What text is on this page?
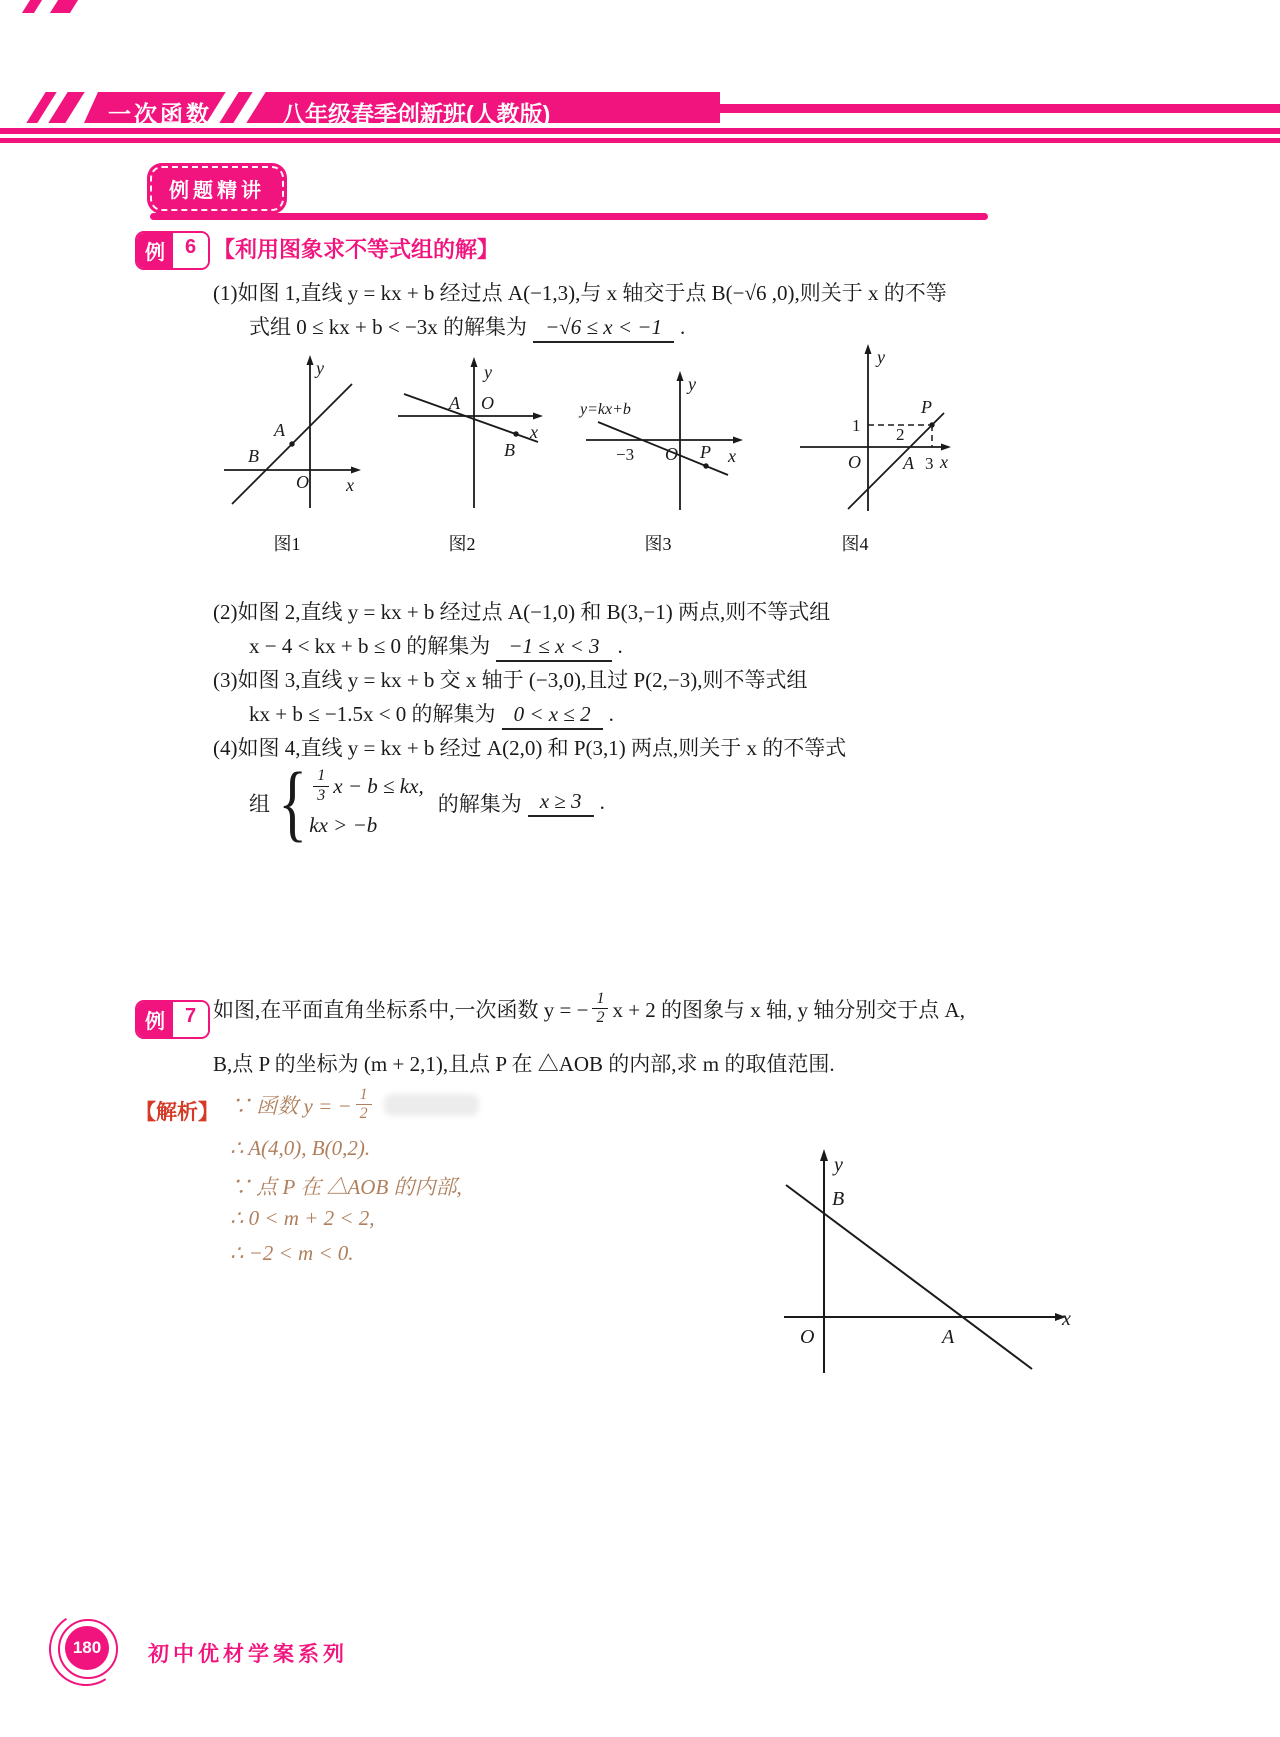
一次函数	八年级春季创新班(人教版)
例题精讲
例	6 【利用图象求不等式组的解】
(1)如图 1,直线 y = kx + b 经过点 A(−1,3),与 x 轴交于点 B(−√6 ,0),则关于 x 的不等
式组 0 ≤ kx + b < −3x 的解集为 −√6 ≤ x < −1 .
y
x
O
A
B
图1
y
x
A O
B
图2
y=kx+b
−3 O	x
y
P
图3
y
1 2
P
O A 3 x
图4
(2)如图 2,直线 y = kx + b 经过点 A(−1,0) 和 B(3,−1) 两点,则不等式组
x − 4 < kx + b ≤ 0 的解集为 −1 ≤ x < 3 .
(3)如图 3,直线 y = kx + b 交 x 轴于 (−3,0),且过 P(2,−3),则不等式组
kx + b ≤ −1.5x < 0 的解集为 0 < x ≤ 2 .
(4)如图 4,直线 y = kx + b 经过 A(2,0) 和 P(3,1) 两点,则关于 x 的不等式
组 { $\frac{1}{3}$ x − b ≤ kx,
kx > −b
的解集为 x ≥ 3 .
例	7 如图,在平面直角坐标系中,一次函数 y = − $\frac{1}{2}$ x + 2 的图象与 x 轴, y 轴分别交于点 A,
B,点 P 的坐标为 (m + 2,1),且点 P 在 △AOB 的内部,求 m 的取值范围.
【解析】 ∵ 函数 y = − $\frac{1}{2}$
∴ A(4,0), B(0,2).
∵ 点 P 在 △AOB 的内部,
∴ 0 < m + 2 < 2,
∴ −2 < m < 0.
y
B
O	A
x
180	初中优材学案系列
